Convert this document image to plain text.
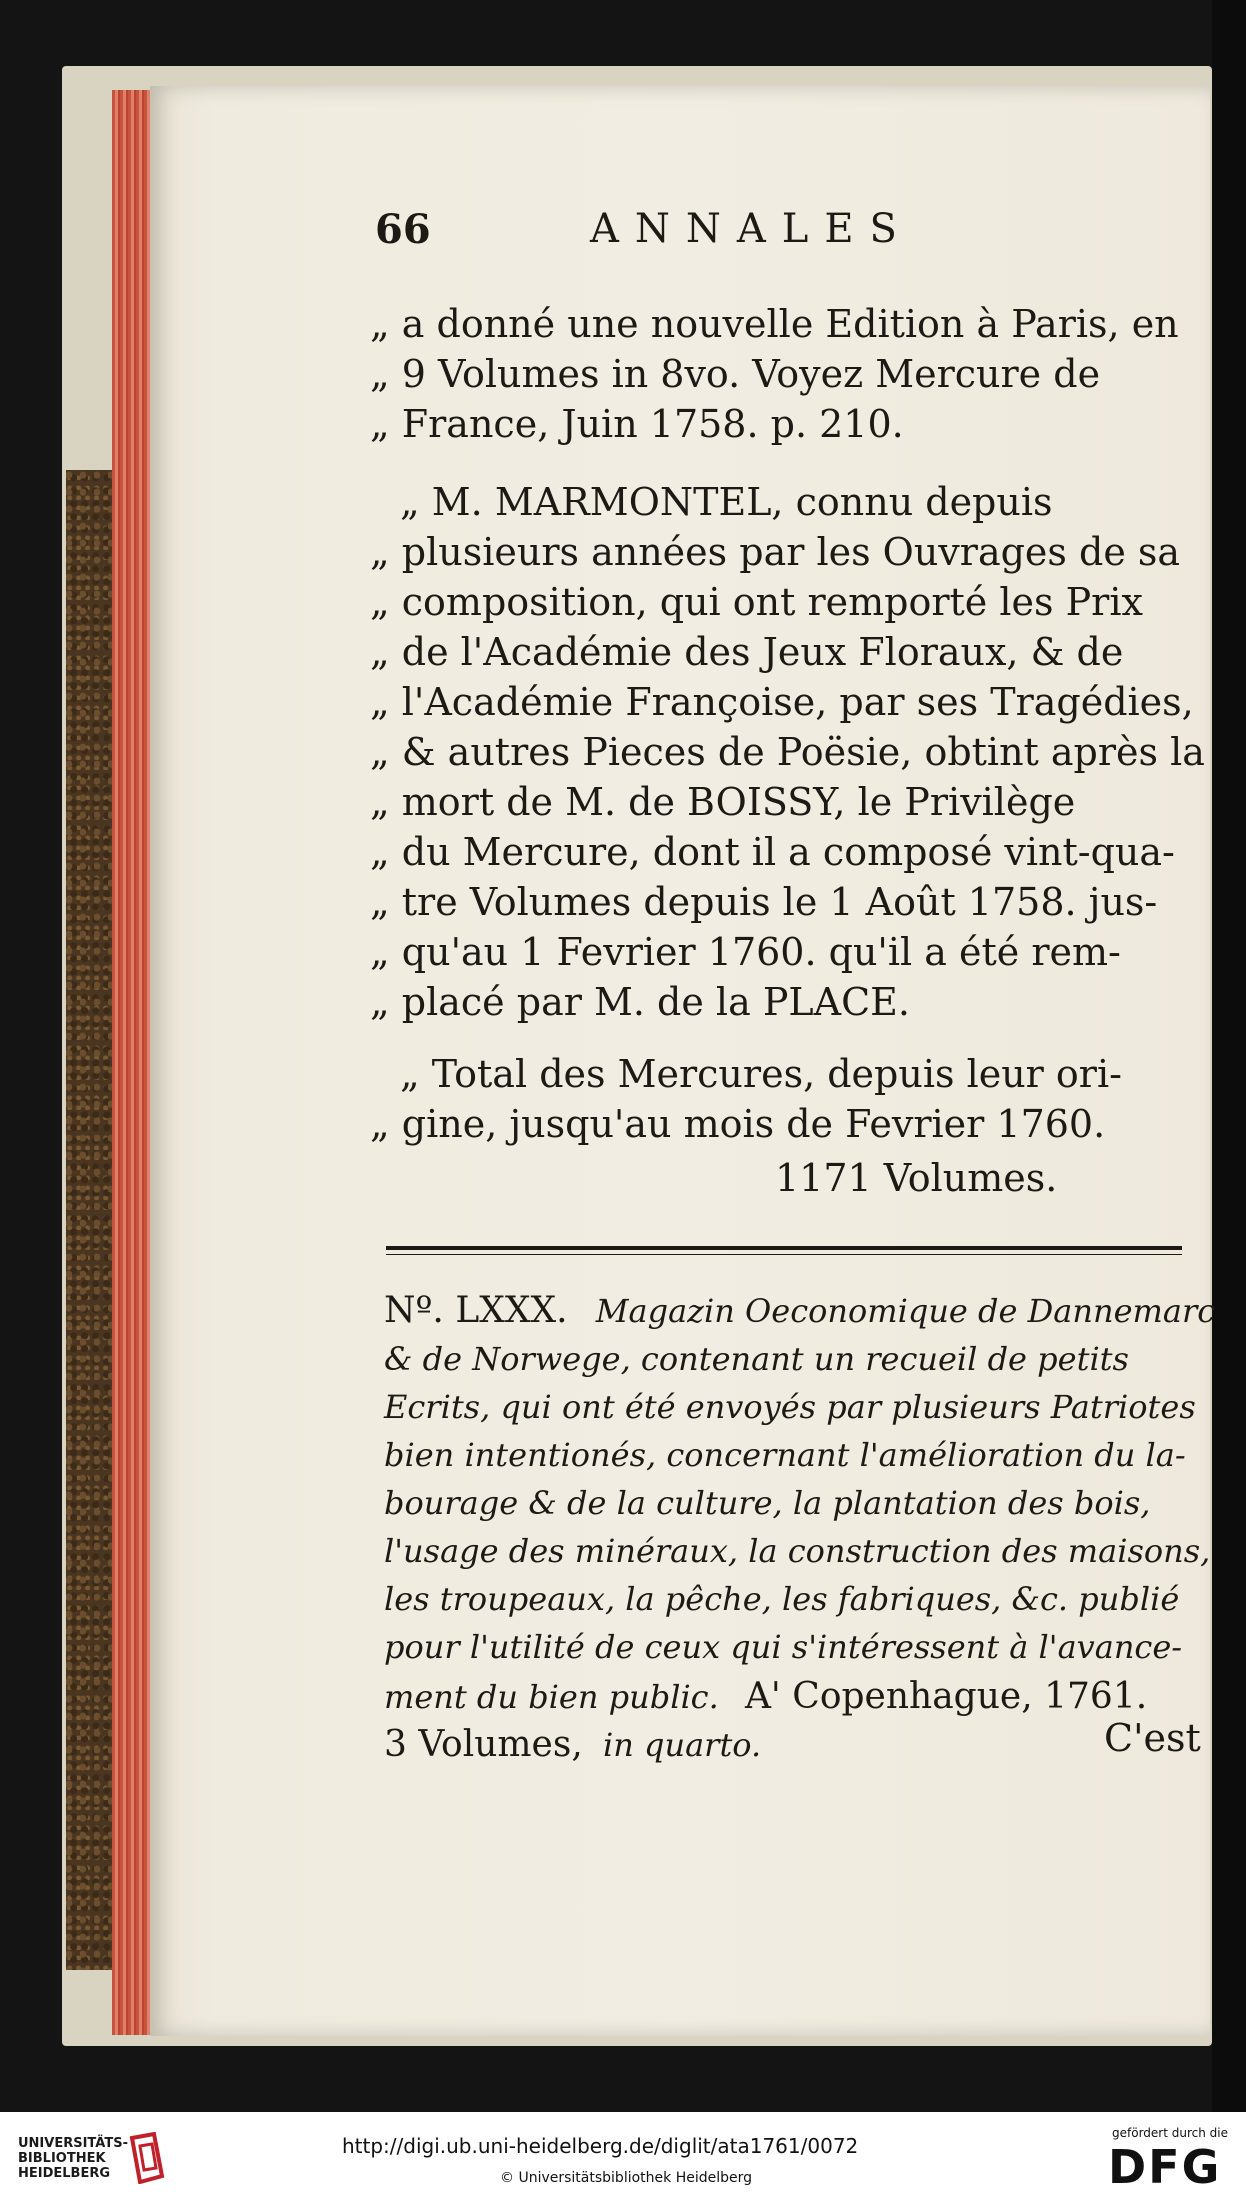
66	ANNALES
„ a donné une nouvelle Edition à Paris, en
„ 9 Volumes in 8vo. Voyez Mercure de
„ France, Juin 1758. p. 210.
„ M. MARMONTEL, connu depuis
„ plusieurs années par les Ouvrages de sa
„ composition, qui ont remporté les Prix
„ de l'Académie des Jeux Floraux, & de
„ l'Académie Françoise, par ses Tragédies,
„ & autres Pieces de Poësie, obtint après la
„ mort de M. de BOISSY, le Privilège
„ du Mercure, dont il a composé vint-qua-
„ tre Volumes depuis le 1 Août 1758. jus-
„ qu'au 1 Fevrier 1760. qu'il a été rem-
„ placé par M. de la PLACE.
„ Total des Mercures, depuis leur ori-
„ gine, jusqu'au mois de Fevrier 1760.
1171 Volumes.
Nº. LXXX. Magazin Oeconomique de Dannemarc
& de Norwege, contenant un recueil de petits
Ecrits, qui ont été envoyés par plusieurs Patriotes
bien intentionés, concernant l'amélioration du la-
bourage & de la culture, la plantation des bois,
l'usage des minéraux, la construction des maisons,
les troupeaux, la pêche, les fabriques, &c. publié
pour l'utilité de ceux qui s'intéressent à l'avance-
ment du bien public. A' Copenhague, 1761.
3 Volumes, in quarto.	C'est
UNIVERSITÄTS-
BIBLIOTHEK
HEIDELBERG
http://digi.ub.uni-heidelberg.de/diglit/ata1761/0072
© Universitätsbibliothek Heidelberg
gefördert durch die
DFG
